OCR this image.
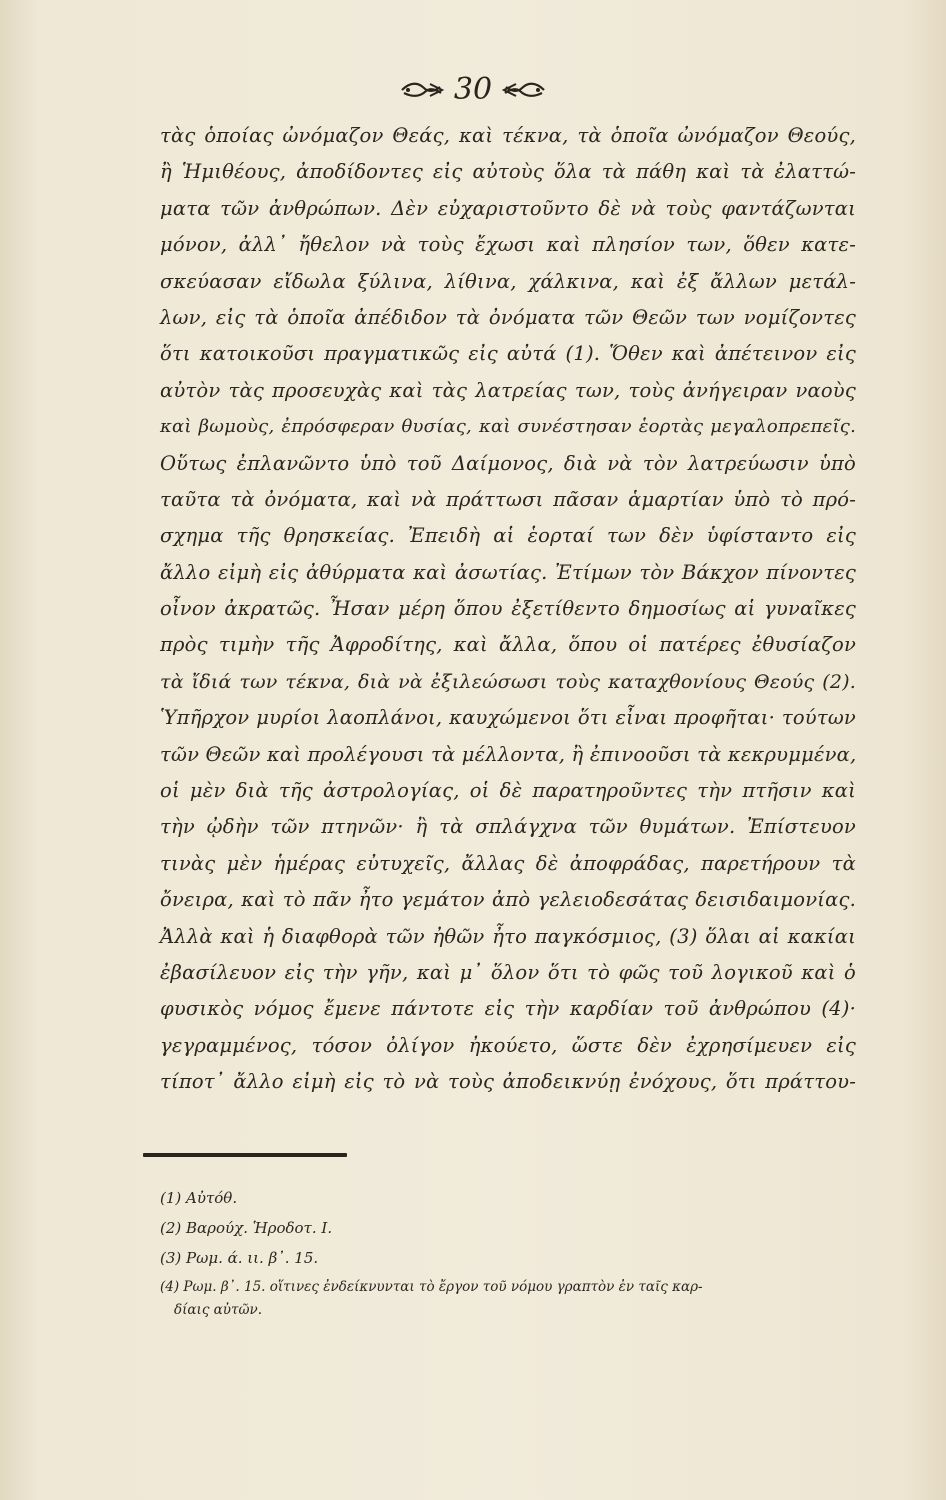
30
τὰς ὁποίας ὠνόμαζον Θεάς, καὶ τέκνα, τὰ ὁποῖα ὠνόμαζον Θεούς,
ἢ Ἡμιθέους, ἀποδίδοντες εἰς αὐτοὺς ὅλα τὰ πάθη καὶ τὰ ἐλαττώ-
ματα τῶν ἀνθρώπων. Δὲν εὐχαριστοῦντο δὲ νὰ τοὺς φαντάζωνται
μόνον, ἀλλ᾽ ἤθελον νὰ τοὺς ἔχωσι καὶ πλησίον των, ὅθεν κατε-
σκεύασαν εἴδωλα ξύλινα, λίθινα, χάλκινα, καὶ ἐξ ἄλλων μετάλ-
λων, εἰς τὰ ὁποῖα ἀπέδιδον τὰ ὀνόματα τῶν Θεῶν των νομίζοντες
ὅτι κατοικοῦσι πραγματικῶς εἰς αὐτά (1). Ὅθεν καὶ ἀπέτεινον εἰς
αὐτὸν τὰς προσευχὰς καὶ τὰς λατρείας των, τοὺς ἀνήγειραν ναοὺς
καὶ βωμοὺς, ἐπρόσφεραν θυσίας, καὶ συνέστησαν ἑορτὰς μεγαλοπρεπεῖς.
Οὕτως ἐπλανῶντο ὑπὸ τοῦ Δαίμονος, διὰ νὰ τὸν λατρεύωσιν ὑπὸ
ταῦτα τὰ ὀνόματα, καὶ νὰ πράττωσι πᾶσαν ἁμαρτίαν ὑπὸ τὸ πρό-
σχημα τῆς θρησκείας. Ἐπειδὴ αἱ ἑορταί των δὲν ὑφίσταντο εἰς
ἄλλο εἰμὴ εἰς ἀθύρματα καὶ ἀσωτίας. Ἐτίμων τὸν Βάκχον πίνοντες
οἶνον ἀκρατῶς. Ἦσαν μέρη ὅπου ἐξετίθεντο δημοσίως αἱ γυναῖκες
πρὸς τιμὴν τῆς Ἀφροδίτης, καὶ ἄλλα, ὅπου οἱ πατέρες ἐθυσίαζον
τὰ ἴδιά των τέκνα, διὰ νὰ ἐξιλεώσωσι τοὺς καταχθονίους Θεούς (2).
Ὑπῆρχον μυρίοι λαοπλάνοι, καυχώμενοι ὅτι εἶναι προφῆται· τούτων
τῶν Θεῶν καὶ προλέγουσι τὰ μέλλοντα, ἢ ἐπινοοῦσι τὰ κεκρυμμένα,
οἱ μὲν διὰ τῆς ἀστρολογίας, οἱ δὲ παρατηροῦντες τὴν πτῆσιν καὶ
τὴν ᾠδὴν τῶν πτηνῶν· ἢ τὰ σπλάγχνα τῶν θυμάτων. Ἐπίστευον
τινὰς μὲν ἡμέρας εὐτυχεῖς, ἄλλας δὲ ἀποφράδας, παρετήρουν τὰ
ὄνειρα, καὶ τὸ πᾶν ἦτο γεμάτον ἀπὸ γελειοδεσάτας δεισιδαιμονίας.
Ἀλλὰ καὶ ἡ διαφθορὰ τῶν ἠθῶν ἦτο παγκόσμιος, (3) ὅλαι αἱ κακίαι
ἐβασίλευον εἰς τὴν γῆν, καὶ μ᾽ ὅλον ὅτι τὸ φῶς τοῦ λογικοῦ καὶ ὁ
φυσικὸς νόμος ἔμενε πάντοτε εἰς τὴν καρδίαν τοῦ ἀνθρώπου (4)·
γεγραμμένος, τόσον ὀλίγον ἠκούετο, ὥστε δὲν ἐχρησίμευεν εἰς
τίποτ᾽ ἄλλο εἰμὴ εἰς τὸ νὰ τοὺς ἀποδεικνύῃ ἐνόχους, ὅτι πράττου-
(1) Αὐτόθ.
(2) Βαρούχ. Ἡροδοτ. Ι.
(3) Ρωμ. ά. ιι. β᾽. 15.
(4) Ρωμ. β᾽. 15. οἵτινες ἐνδείκνυνται τὸ ἔργον τοῦ νόμου γραπτὸν ἐν ταῖς καρ-
δίαις αὐτῶν.
